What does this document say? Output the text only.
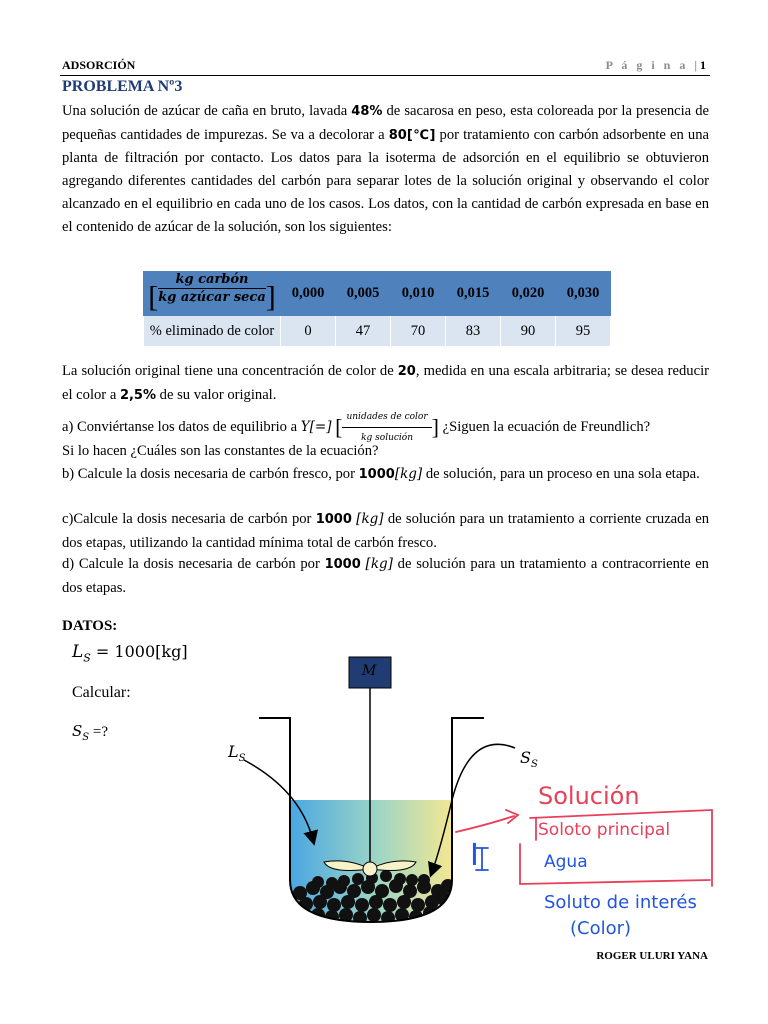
ADSORCIÓN	P á g i n a |1
PROBLEMA Nº3
Una solución de azúcar de caña en bruto, lavada 48% de sacarosa en peso, esta coloreada por la presencia de pequeñas cantidades de impurezas. Se va a decolorar a 80[℃] por tratamiento con carbón adsorbente en una planta de filtración por contacto. Los datos para la isoterma de adsorción en el equilibrio se obtuvieron agregando diferentes cantidades del carbón para separar lotes de la solución original y observando el color alcanzado en el equilibrio en cada uno de los casos. Los datos, con la cantidad de carbón expresada en base en el contenido de azúcar de la solución, son los siguientes:
[ $\frac{\text{kg carbón}}{\text{kg azúcar seca}}$ ]	0,000	0,005	0,010	0,015	0,020	0,030
% eliminado de color	0	47	70	83	90	95
La solución original tiene una concentración de color de 20, medida en una escala arbitraria; se desea reducir el color a 2,5% de su valor original.
a) Conviértanse los datos de equilibrio a Y[=] [ $\frac{\text{unidades de color}}{\text{kg solución}}$ ] ¿Siguen la ecuación de Freundlich?
Si lo hacen ¿Cuáles son las constantes de la ecuación?
b) Calcule la dosis necesaria de carbón fresco, por 1000[kg] de solución, para un proceso en una sola etapa.
c)Calcule la dosis necesaria de carbón por 1000 [kg] de solución para un tratamiento a corriente cruzada en dos etapas, utilizando la cantidad mínima total de carbón fresco.
d) Calcule la dosis necesaria de carbón por 1000 [kg] de solución para un tratamiento a contracorriente en dos etapas.
DATOS:
$L_S = 1000[kg]$
Calcular:
$S_S$ =?
M
$L_S$	$S_S$
Solución
Soloto principal
Agua
Soluto de interés
(Color)
I
ROGER ULURI YANA
